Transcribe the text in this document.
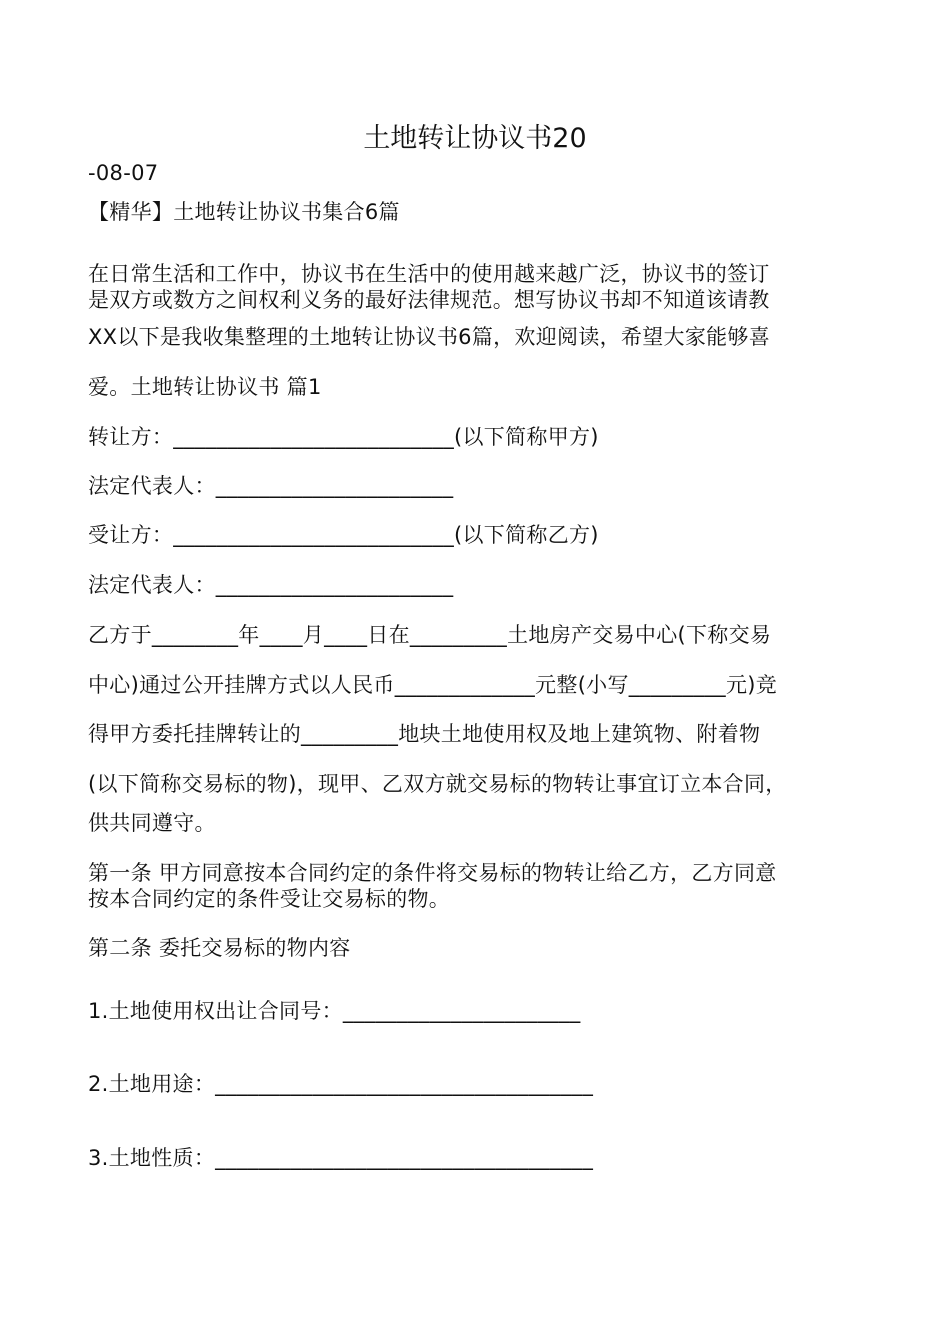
土地转让协议书20
-08-07
【精华】土地转让协议书集合6篇
在日常生活和工作中，协议书在生活中的使用越来越广泛，协议书的签订
是双方或数方之间权利义务的最好法律规范。想写协议书却不知道该请教
XX以下是我收集整理的土地转让协议书6篇，欢迎阅读，希望大家能够喜
爱。土地转让协议书 篇1
转让方：__________________________(以下简称甲方)
法定代表人：______________________
受让方：__________________________(以下简称乙方)
法定代表人：______________________
乙方于________年____月____日在_________土地房产交易中心(下称交易
中心)通过公开挂牌方式以人民币_____________元整(小写_________元)竞
得甲方委托挂牌转让的_________地块土地使用权及地上建筑物、附着物
(以下简称交易标的物)，现甲、乙双方就交易标的物转让事宜订立本合同，
供共同遵守。
第一条 甲方同意按本合同约定的条件将交易标的物转让给乙方，乙方同意
按本合同约定的条件受让交易标的物。
第二条 委托交易标的物内容
1.土地使用权出让合同号：______________________
2.土地用途：___________________________________
3.土地性质：___________________________________
